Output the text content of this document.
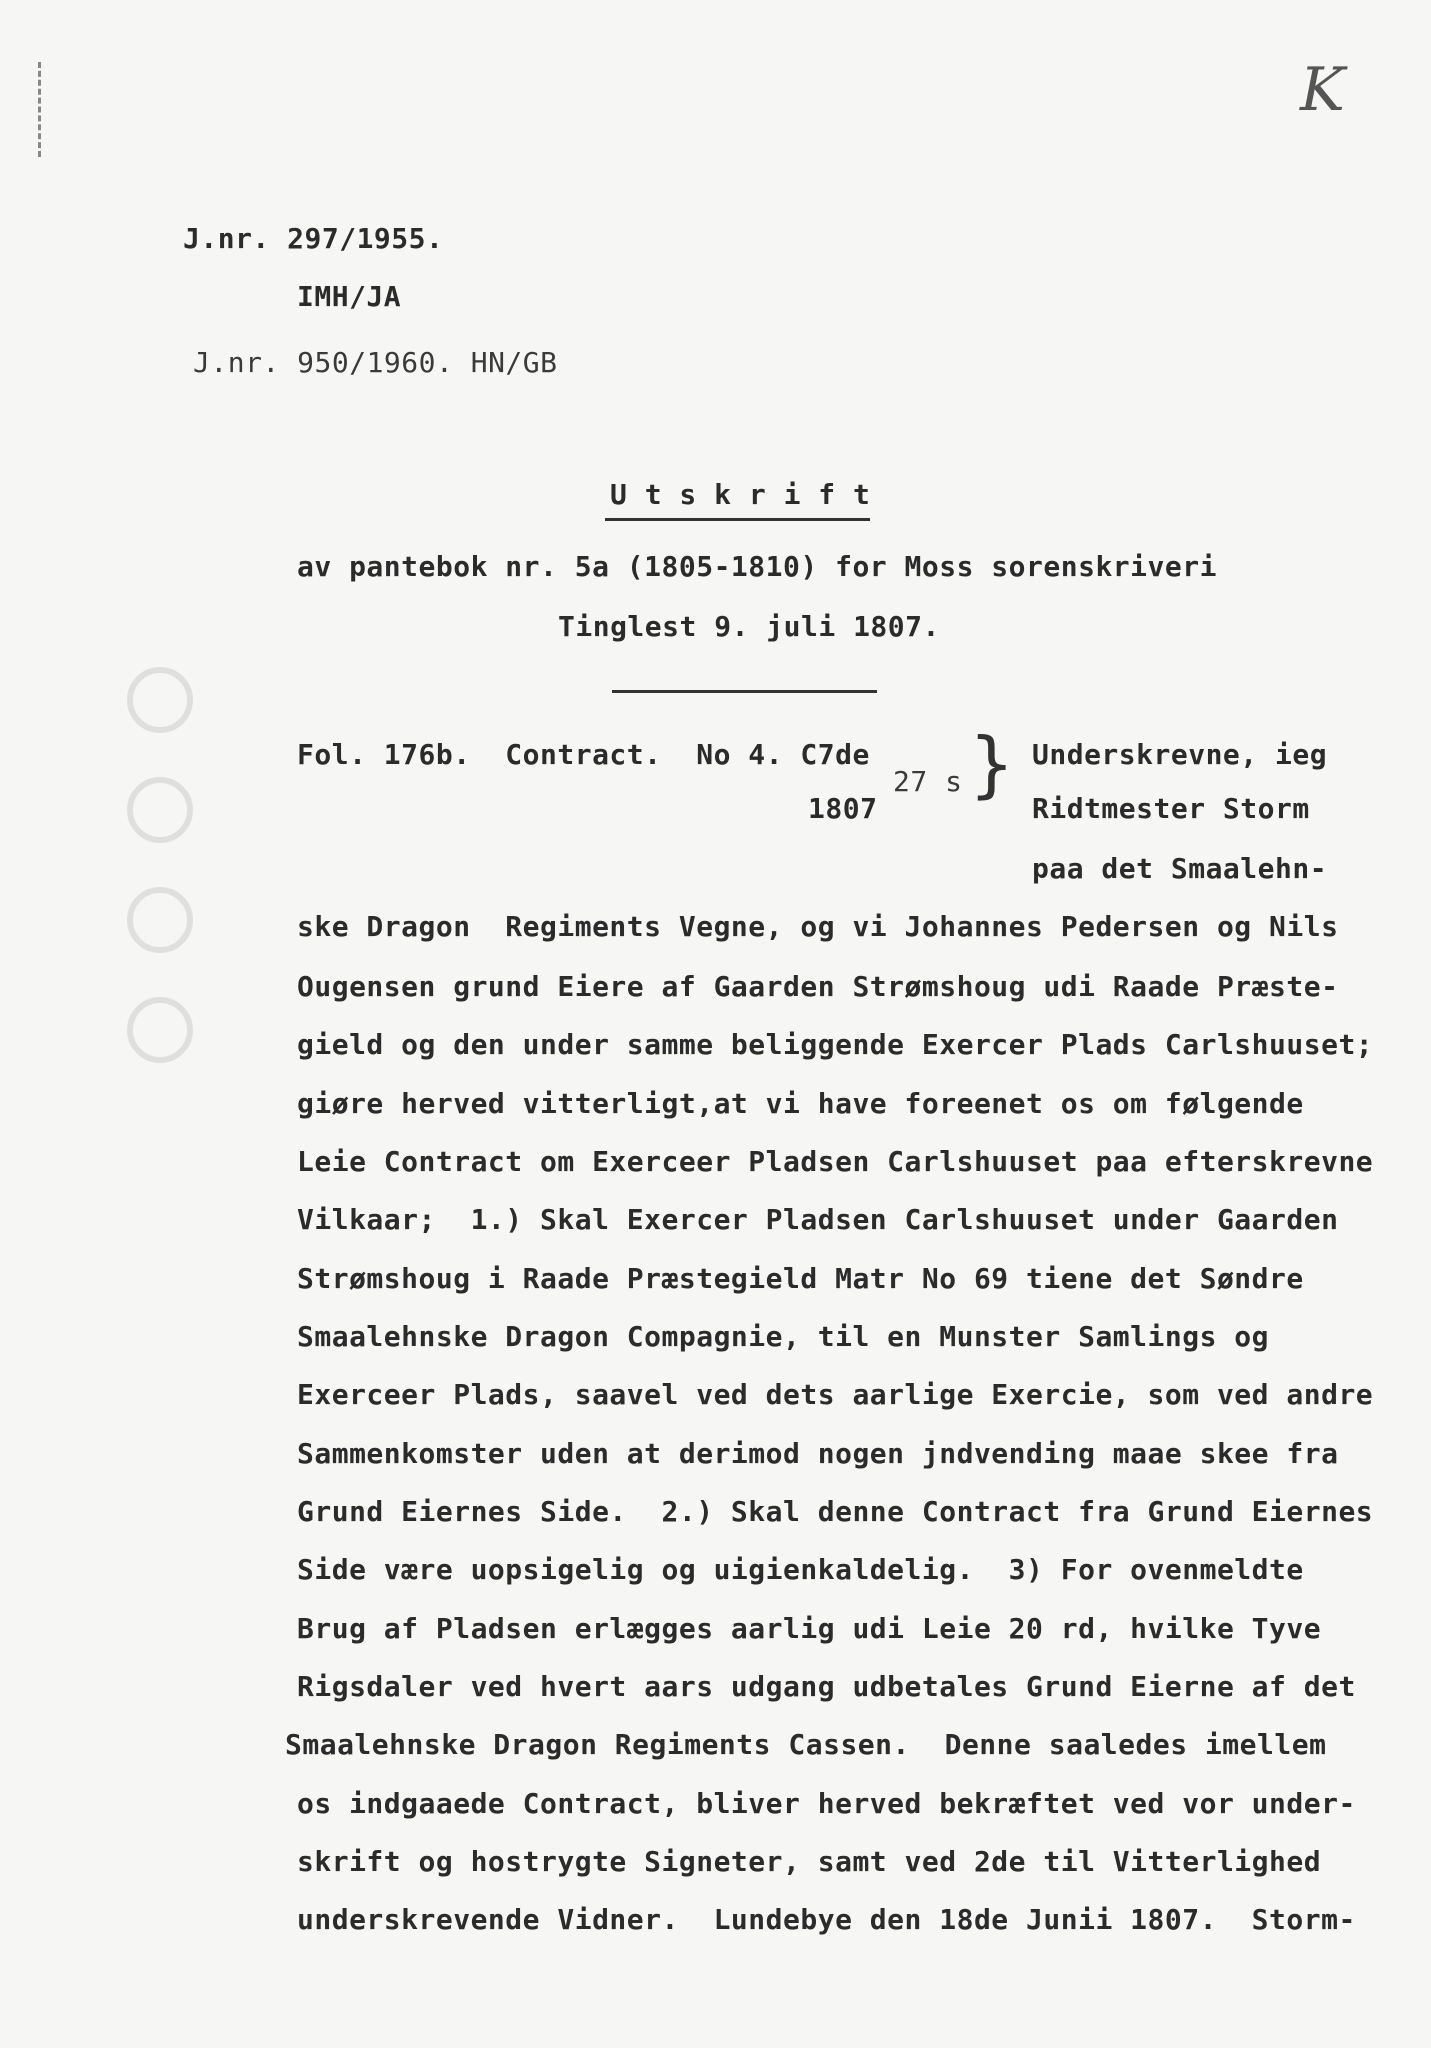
K
J.nr. 297/1955.
IMH/JA
J.nr. 950/1960. HN/GB
U t s k r i f t
av pantebok nr. 5a (1805-1810) for Moss sorenskriveri
Tinglest 9. juli 1807.
Fol. 176b.  Contract.  No 4. C7de
1807
27 s } Underskrevne, ieg
Ridtmester Storm
paa det Smaalehn-
ske Dragon  Regiments Vegne, og vi Johannes Pedersen og Nils
Ougensen grund Eiere af Gaarden Strømshoug udi Raade Præste-
gield og den under samme beliggende Exercer Plads Carlshuuset;
giøre herved vitterligt,at vi have foreenet os om følgende
Leie Contract om Exerceer Pladsen Carlshuuset paa efterskrevne
Vilkaar;  1.) Skal Exercer Pladsen Carlshuuset under Gaarden
Strømshoug i Raade Præstegield Matr No 69 tiene det Søndre
Smaalehnske Dragon Compagnie, til en Munster Samlings og
Exerceer Plads, saavel ved dets aarlige Exercie, som ved andre
Sammenkomster uden at derimod nogen jndvending maae skee fra
Grund Eiernes Side.  2.) Skal denne Contract fra Grund Eiernes
Side være uopsigelig og uigienkaldelig.  3) For ovenmeldte
Brug af Pladsen erlægges aarlig udi Leie 20 rd, hvilke Tyve
Rigsdaler ved hvert aars udgang udbetales Grund Eierne af det
Smaalehnske Dragon Regiments Cassen.  Denne saaledes imellem
os indgaaede Contract, bliver herved bekræftet ved vor under-
skrift og hostrygte Signeter, samt ved 2de til Vitterlighed
underskrevende Vidner.  Lundebye den 18de Junii 1807.  Storm-
